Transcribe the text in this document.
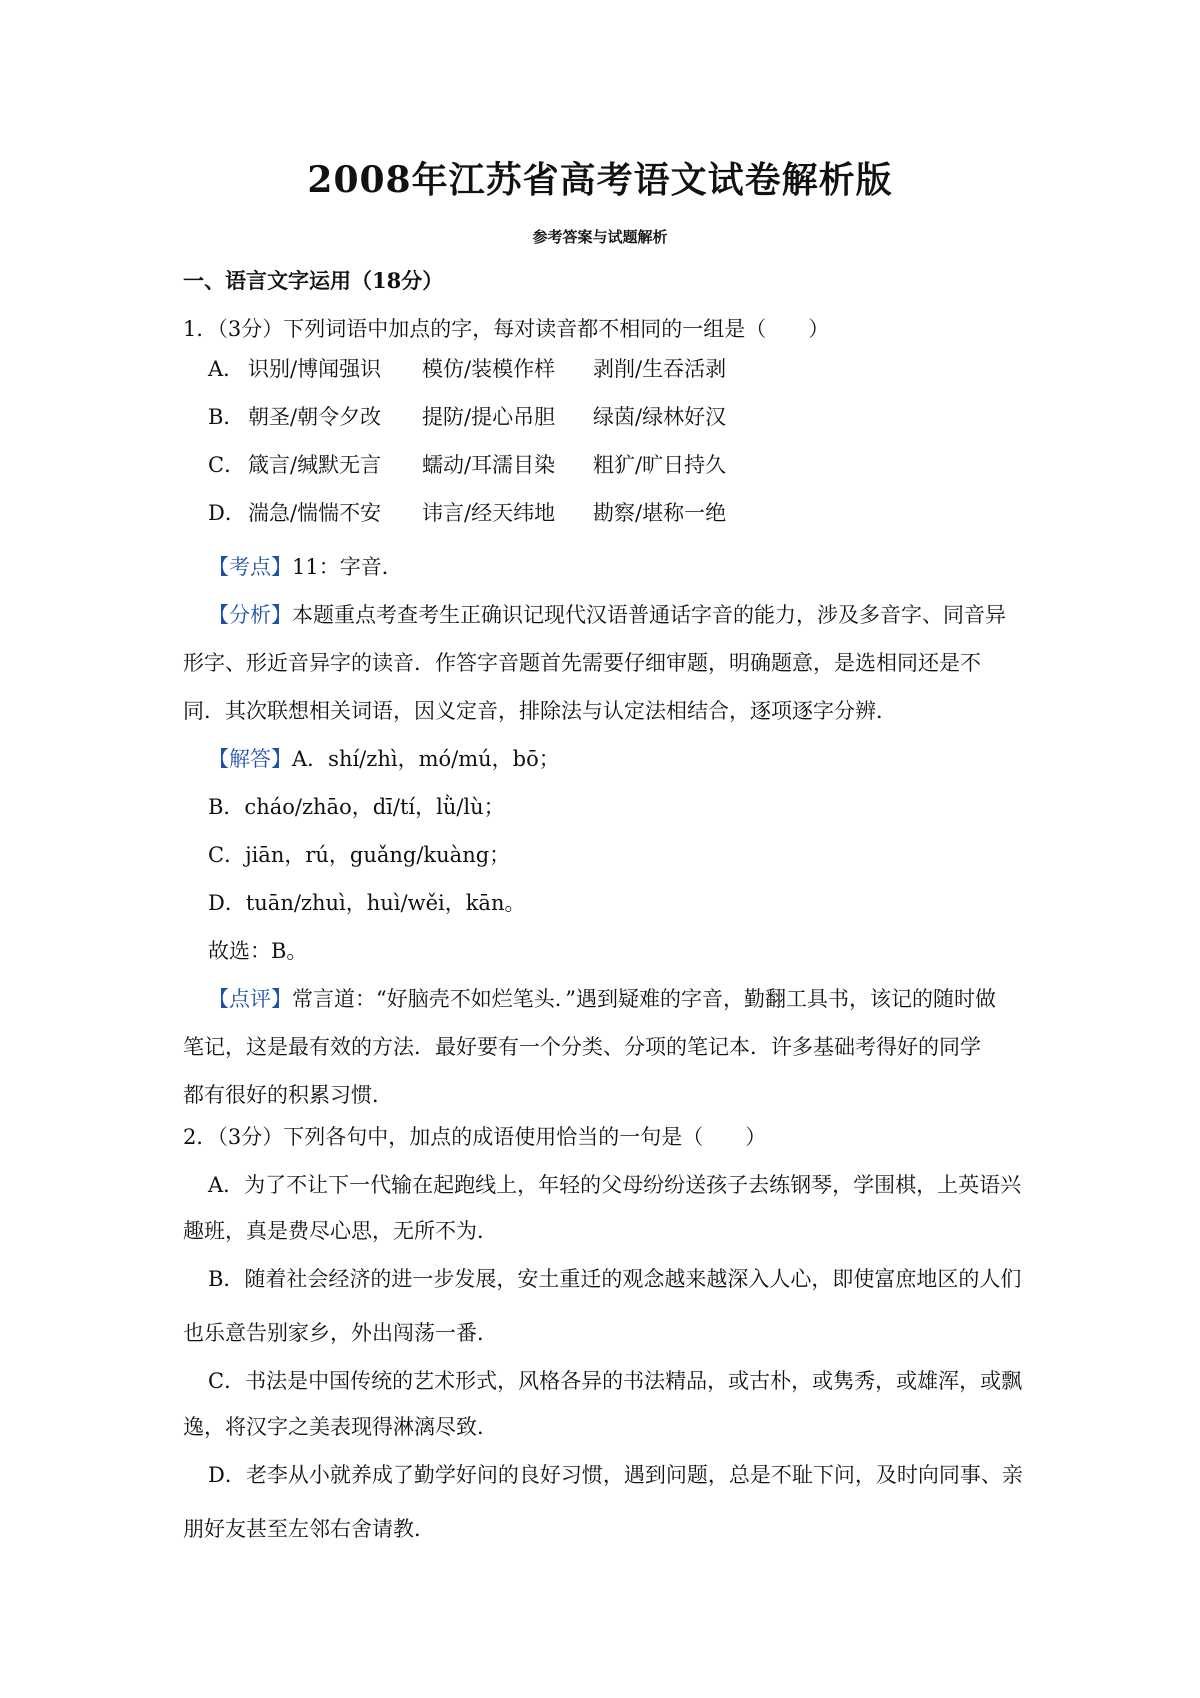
2008年江苏省高考语文试卷解析版
参考答案与试题解析
一、语言文字运用（18分）
1．（3分）下列词语中加点的字，每对读音都不相同的一组是（　　）
A． 识别/博闻强识 模仿/装模作样 剥削/生吞活剥
B． 朝圣/朝令夕改 提防/提心吊胆 绿茵/绿林好汉
C． 箴言/缄默无言 蠕动/耳濡目染 粗犷/旷日持久
D． 湍急/惴惴不安 讳言/经天纬地 勘察/堪称一绝
【考点】11：字音．
【分析】本题重点考查考生正确识记现代汉语普通话字音的能力，涉及多音字、同音异
形字、形近音异字的读音．作答字音题首先需要仔细审题，明确题意，是选相同还是不
同．其次联想相关词语，因义定音，排除法与认定法相结合，逐项逐字分辨．
【解答】A．shí/zhì，mó/mú，bō；
B．cháo/zhāo，dī/tí，lǜ/lù；
C．jiān，rú，guǎng/kuàng；
D．tuān/zhuì，huì/wěi，kān。
故选：B。
【点评】常言道：“好脑壳不如烂笔头．”遇到疑难的字音，勤翻工具书，该记的随时做
笔记，这是最有效的方法．最好要有一个分类、分项的笔记本．许多基础考得好的同学
都有很好的积累习惯．
2．（3分）下列各句中，加点的成语使用恰当的一句是（　　）
A．为了不让下一代输在起跑线上，年轻的父母纷纷送孩子去练钢琴，学围棋，上英语兴
趣班，真是费尽心思，无所不为．
B．随着社会经济的进一步发展，安土重迁的观念越来越深入人心，即使富庶地区的人们
也乐意告别家乡，外出闯荡一番．
C．书法是中国传统的艺术形式，风格各异的书法精品，或古朴，或隽秀，或雄浑，或飘
逸，将汉字之美表现得淋漓尽致．
D．老李从小就养成了勤学好问的良好习惯，遇到问题，总是不耻下问，及时向同事、亲
朋好友甚至左邻右舍请教．
